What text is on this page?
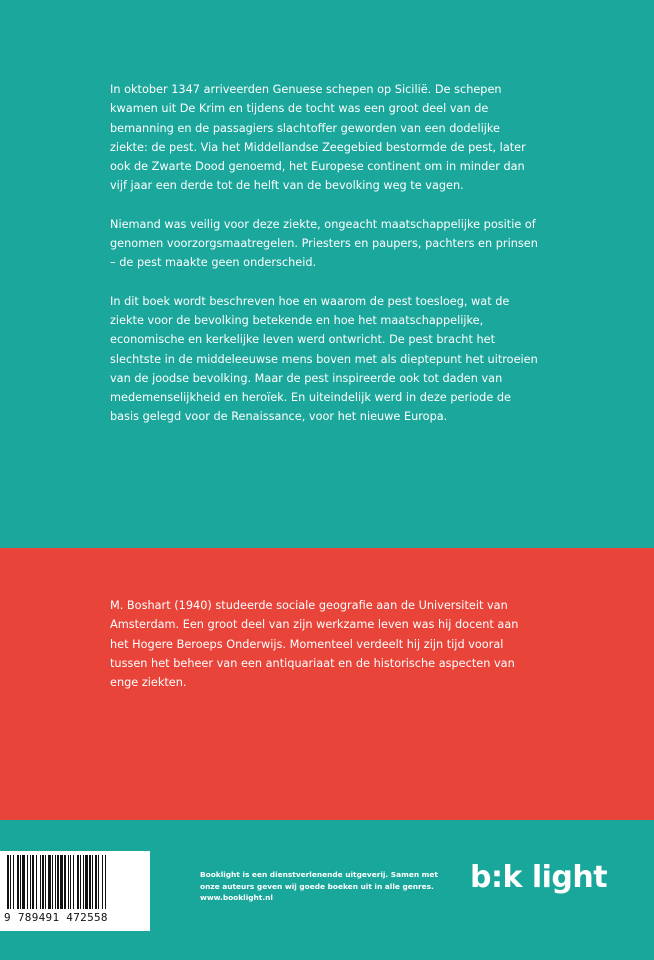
In oktober 1347 arriveerden Genuese schepen op Sicilië. De schepen kwamen uit De Krim en tijdens de tocht was een groot deel van de bemanning en de passagiers slachtoffer geworden van een dodelijke ziekte: de pest. Via het Middellandse Zeegebied bestormde de pest, later ook de Zwarte Dood genoemd, het Europese continent om in minder dan vijf jaar een derde tot de helft van de bevolking weg te vagen.

Niemand was veilig voor deze ziekte, ongeacht maatschappelijke positie of genomen voorzorgsmaatregelen. Priesters en paupers, pachters en prinsen – de pest maakte geen onderscheid.

In dit boek wordt beschreven hoe en waarom de pest toesloeg, wat de ziekte voor de bevolking betekende en hoe het maatschappelijke, economische en kerkelijke leven werd ontwricht. De pest bracht het slechtste in de middeleeuwse mens boven met als dieptepunt het uitroeien van de joodse bevolking. Maar de pest inspireerde ook tot daden van medemenselijkheid en heroïek. En uiteindelijk werd in deze periode de basis gelegd voor de Renaissance, voor het nieuwe Europa.

M. Boshart (1940) studeerde sociale geografie aan de Universiteit van Amsterdam. Een groot deel van zijn werkzame leven was hij docent aan het Hogere Beroeps Onderwijs. Momenteel verdeelt hij zijn tijd vooral tussen het beheer van een antiquariaat en de historische aspecten van enge ziekten.

9 789491 472558
Booklight is een dienstverlenende uitgeverij. Samen met onze auteurs geven wij goede boeken uit in alle genres.
www.booklight.nl
b:k light
